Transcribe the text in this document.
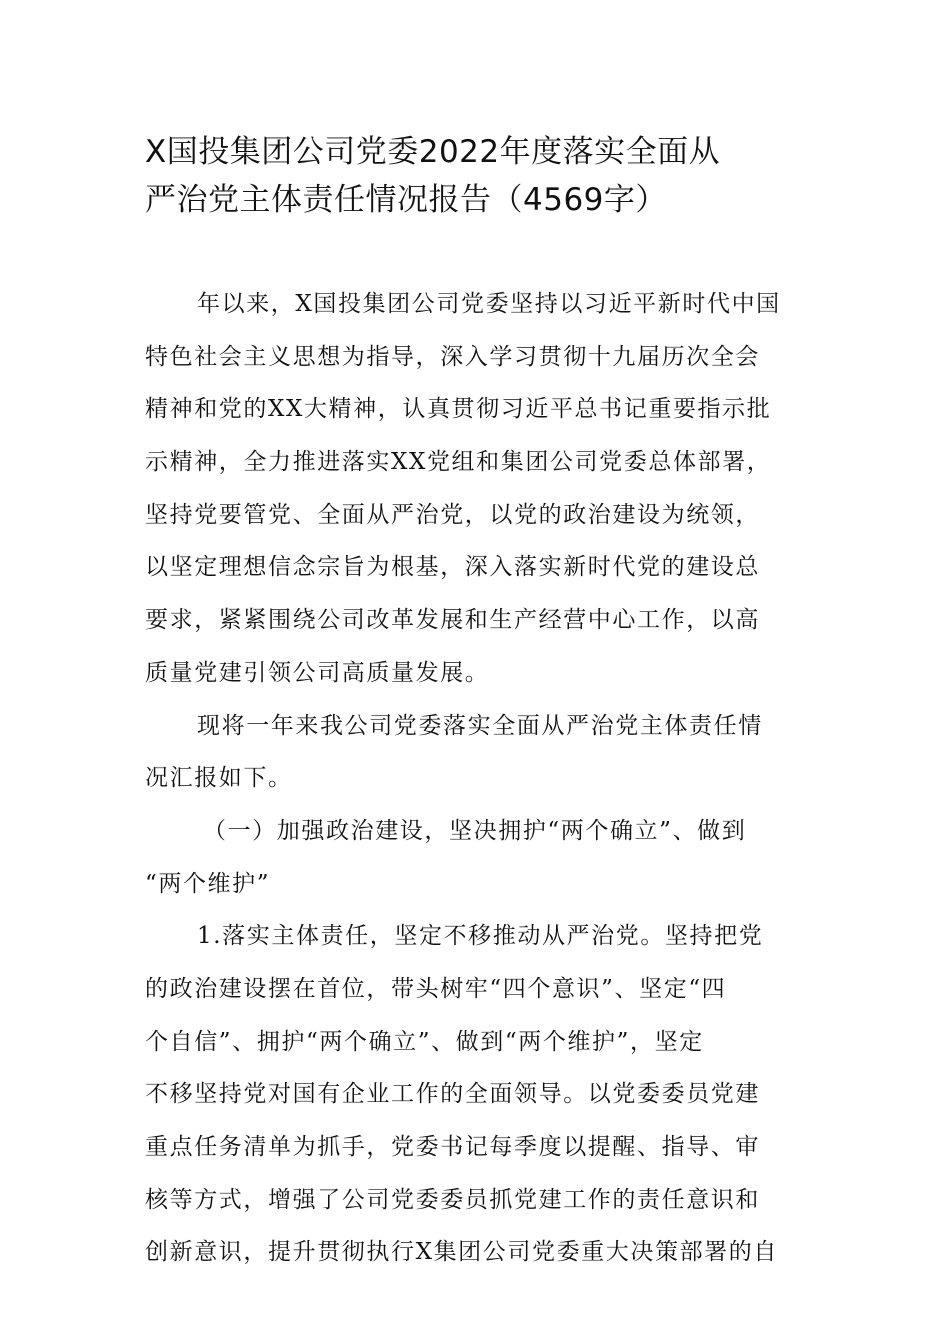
X国投集团公司党委2022年度落实全面从
严治党主体责任情况报告（4569字）
年以来，X国投集团公司党委坚持以习近平新时代中国
特色社会主义思想为指导，深入学习贯彻十九届历次全会
精神和党的XX大精神，认真贯彻习近平总书记重要指示批
示精神，全力推进落实XX党组和集团公司党委总体部署，
坚持党要管党、全面从严治党，以党的政治建设为统领，
以坚定理想信念宗旨为根基，深入落实新时代党的建设总
要求，紧紧围绕公司改革发展和生产经营中心工作，以高
质量党建引领公司高质量发展。
现将一年来我公司党委落实全面从严治党主体责任情
况汇报如下。
（一）加强政治建设，坚决拥护“两个确立”、做到
“两个维护”
1.落实主体责任，坚定不移推动从严治党。坚持把党
的政治建设摆在首位，带头树牢“四个意识”、坚定“四
个自信”、拥护“两个确立”、做到“两个维护”，坚定
不移坚持党对国有企业工作的全面领导。以党委委员党建
重点任务清单为抓手，党委书记每季度以提醒、指导、审
核等方式，增强了公司党委委员抓党建工作的责任意识和
创新意识，提升贯彻执行X集团公司党委重大决策部署的自
